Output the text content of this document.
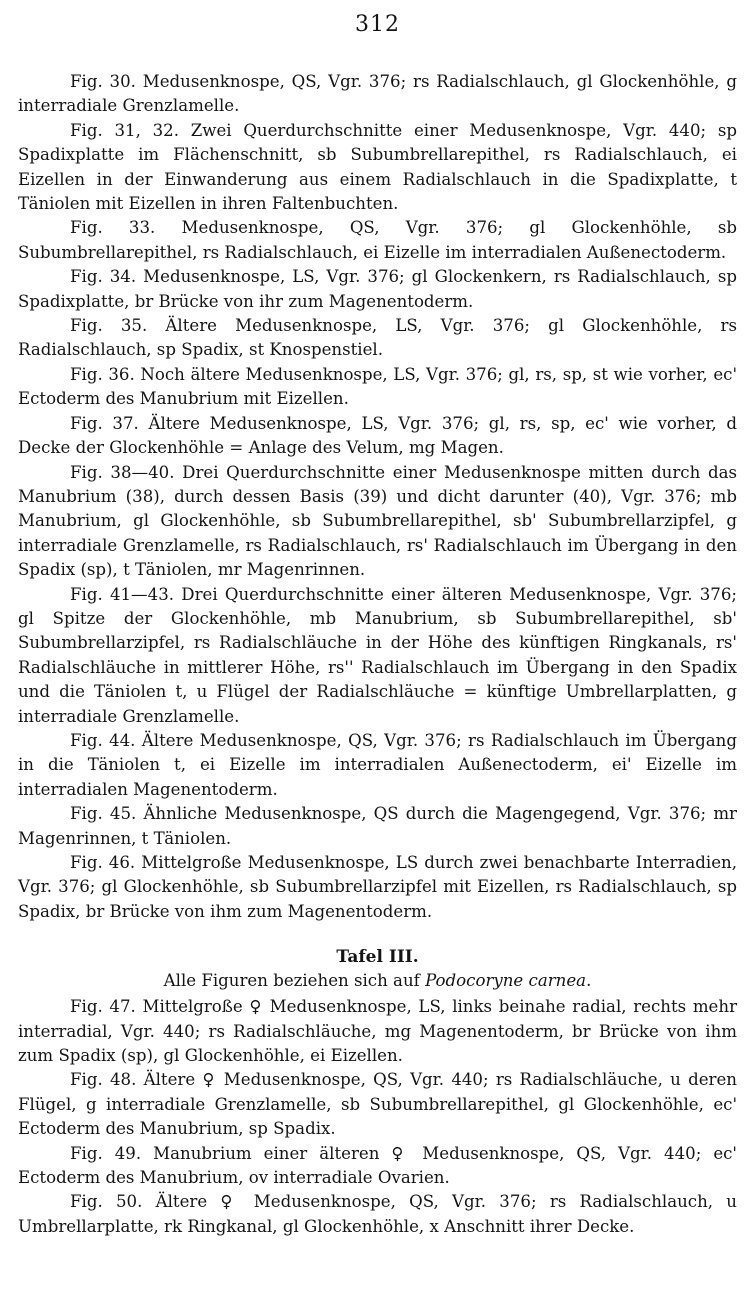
312

Fig. 30. Medusenknospe, QS, Vgr. 376; rs Radialschlauch, gl Glockenhöhle, g interradiale Grenzlamelle.

Fig. 31, 32. Zwei Querdurchschnitte einer Medusenknospe, Vgr. 440; sp Spadixplatte im Flächenschnitt, sb Subumbrellarepithel, rs Radialschlauch, ei Eizellen in der Einwanderung aus einem Radialschlauch in die Spadixplatte, t Täniolen mit Eizellen in ihren Faltenbuchten.

Fig. 33. Medusenknospe, QS, Vgr. 376; gl Glockenhöhle, sb Subumbrellarepithel, rs Radialschlauch, ei Eizelle im interradialen Außenectoderm.

Fig. 34. Medusenknospe, LS, Vgr. 376; gl Glockenkern, rs Radialschlauch, sp Spadixplatte, br Brücke von ihr zum Magenentoderm.

Fig. 35. Ältere Medusenknospe, LS, Vgr. 376; gl Glockenhöhle, rs Radialschlauch, sp Spadix, st Knospenstiel.

Fig. 36. Noch ältere Medusenknospe, LS, Vgr. 376; gl, rs, sp, st wie vorher, ec' Ectoderm des Manubrium mit Eizellen.

Fig. 37. Ältere Medusenknospe, LS, Vgr. 376; gl, rs, sp, ec' wie vorher, d Decke der Glockenhöhle = Anlage des Velum, mg Magen.

Fig. 38—40. Drei Querdurchschnitte einer Medusenknospe mitten durch das Manubrium (38), durch dessen Basis (39) und dicht darunter (40), Vgr. 376; mb Manubrium, gl Glockenhöhle, sb Subumbrellarepithel, sb' Subumbrellarzipfel, g interradiale Grenzlamelle, rs Radialschlauch, rs' Radialschlauch im Übergang in den Spadix (sp), t Täniolen, mr Magenrinnen.

Fig. 41—43. Drei Querdurchschnitte einer älteren Medusenknospe, Vgr. 376; gl Spitze der Glockenhöhle, mb Manubrium, sb Subumbrellarepithel, sb' Subumbrellarzipfel, rs Radialschläuche in der Höhe des künftigen Ringkanals, rs' Radialschläuche in mittlerer Höhe, rs'' Radialschlauch im Übergang in den Spadix und die Täniolen t, u Flügel der Radialschläuche = künftige Umbrellarplatten, g interradiale Grenzlamelle.

Fig. 44. Ältere Medusenknospe, QS, Vgr. 376; rs Radialschlauch im Übergang in die Täniolen t, ei Eizelle im interradialen Außenectoderm, ei' Eizelle im interradialen Magenentoderm.

Fig. 45. Ähnliche Medusenknospe, QS durch die Magengegend, Vgr. 376; mr Magenrinnen, t Täniolen.

Fig. 46. Mittelgroße Medusenknospe, LS durch zwei benachbarte Interradien, Vgr. 376; gl Glockenhöhle, sb Subumbrellarzipfel mit Eizellen, rs Radialschlauch, sp Spadix, br Brücke von ihm zum Magenentoderm.

Tafel III.
Alle Figuren beziehen sich auf Podocoryne carnea.

Fig. 47. Mittelgroße ♀ Medusenknospe, LS, links beinahe radial, rechts mehr interradial, Vgr. 440; rs Radialschläuche, mg Magenentoderm, br Brücke von ihm zum Spadix (sp), gl Glockenhöhle, ei Eizellen.

Fig. 48. Ältere ♀ Medusenknospe, QS, Vgr. 440; rs Radialschläuche, u deren Flügel, g interradiale Grenzlamelle, sb Subumbrellarepithel, gl Glockenhöhle, ec' Ectoderm des Manubrium, sp Spadix.

Fig. 49. Manubrium einer älteren ♀ Medusenknospe, QS, Vgr. 440; ec' Ectoderm des Manubrium, ov interradiale Ovarien.

Fig. 50. Ältere ♀ Medusenknospe, QS, Vgr. 376; rs Radialschlauch, u Umbrellarplatte, rk Ringkanal, gl Glockenhöhle, x Anschnitt ihrer Decke.
